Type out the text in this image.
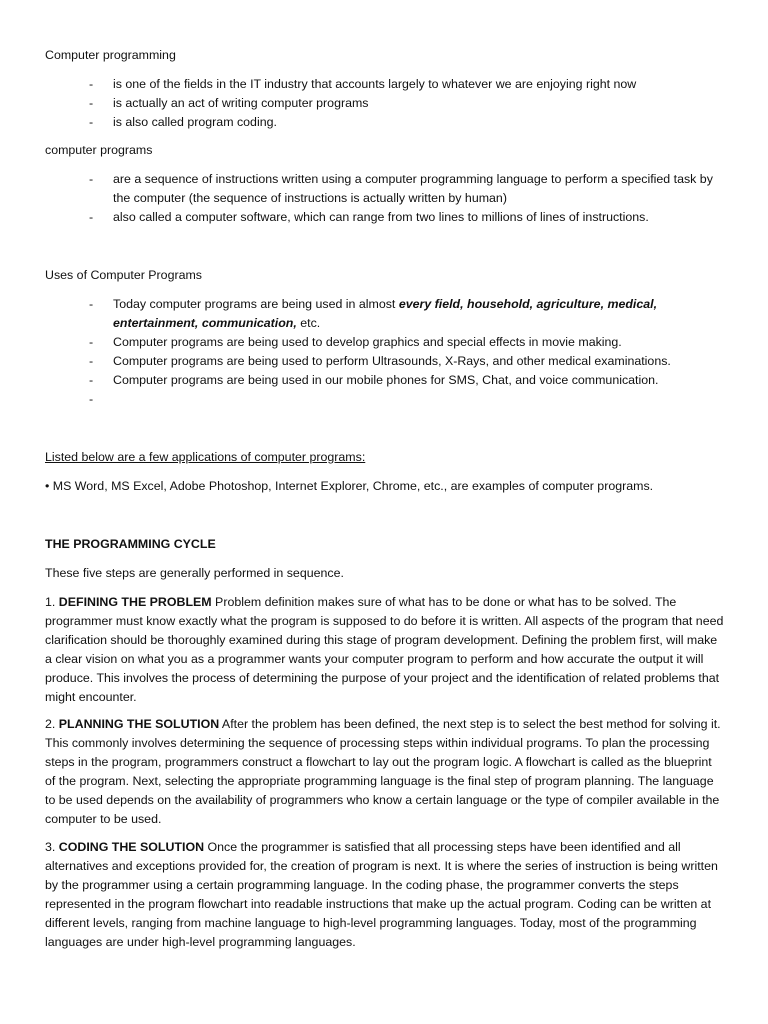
Computer programming

- is one of the fields in the IT industry that accounts largely to whatever we are enjoying right now
- is actually an act of writing computer programs
- is also called program coding.

computer programs

- are a sequence of instructions written using a computer programming language to perform a specified task by the computer (the sequence of instructions is actually written by human)
- also called a computer software, which can range from two lines to millions of lines of instructions.

Uses of Computer Programs

- Today computer programs are being used in almost every field, household, agriculture, medical, entertainment, communication, etc.
- Computer programs are being used to develop graphics and special effects in movie making.
- Computer programs are being used to perform Ultrasounds, X-Rays, and other medical examinations.
- Computer programs are being used in our mobile phones for SMS, Chat, and voice communication.
-

Listed below are a few applications of computer programs:

• MS Word, MS Excel, Adobe Photoshop, Internet Explorer, Chrome, etc., are examples of computer programs.

THE PROGRAMMING CYCLE

These five steps are generally performed in sequence.

1. DEFINING THE PROBLEM Problem definition makes sure of what has to be done or what has to be solved. The programmer must know exactly what the program is supposed to do before it is written. All aspects of the program that need clarification should be thoroughly examined during this stage of program development. Defining the problem first, will make a clear vision on what you as a programmer wants your computer program to perform and how accurate the output it will produce. This involves the process of determining the purpose of your project and the identification of related problems that might encounter.

2. PLANNING THE SOLUTION After the problem has been defined, the next step is to select the best method for solving it. This commonly involves determining the sequence of processing steps within individual programs. To plan the processing steps in the program, programmers construct a flowchart to lay out the program logic. A flowchart is called as the blueprint of the program. Next, selecting the appropriate programming language is the final step of program planning. The language to be used depends on the availability of programmers who know a certain language or the type of compiler available in the computer to be used.

3. CODING THE SOLUTION Once the programmer is satisfied that all processing steps have been identified and all alternatives and exceptions provided for, the creation of program is next. It is where the series of instruction is being written by the programmer using a certain programming language. In the coding phase, the programmer converts the steps represented in the program flowchart into readable instructions that make up the actual program. Coding can be written at different levels, ranging from machine language to high-level programming languages. Today, most of the programming languages are under high-level programming languages.
